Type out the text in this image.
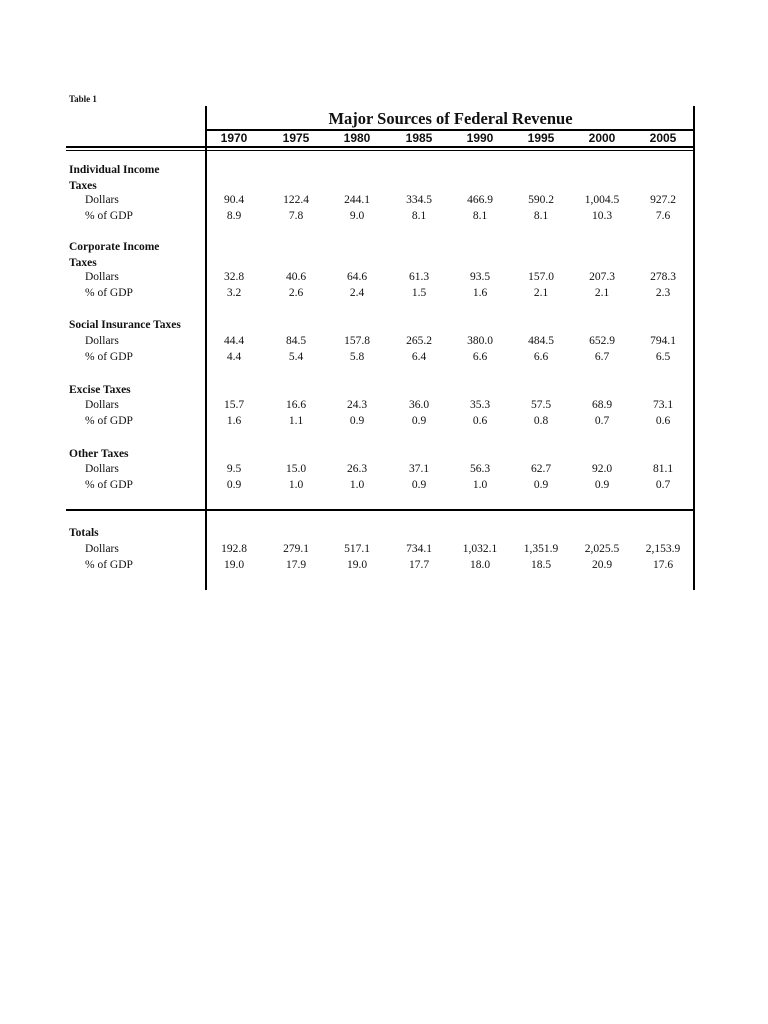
Table 1
Major Sources of Federal Revenue
1970	1975	1980	1985	1990	1995	2000	2005
Individual Income
Taxes
Dollars	90.4	122.4	244.1	334.5	466.9	590.2	1,004.5	927.2
% of GDP	8.9	7.8	9.0	8.1	8.1	8.1	10.3	7.6
Corporate Income
Taxes
Dollars	32.8	40.6	64.6	61.3	93.5	157.0	207.3	278.3
% of GDP	3.2	2.6	2.4	1.5	1.6	2.1	2.1	2.3
Social Insurance Taxes
Dollars	44.4	84.5	157.8	265.2	380.0	484.5	652.9	794.1
% of GDP	4.4	5.4	5.8	6.4	6.6	6.6	6.7	6.5
Excise Taxes
Dollars	15.7	16.6	24.3	36.0	35.3	57.5	68.9	73.1
% of GDP	1.6	1.1	0.9	0.9	0.6	0.8	0.7	0.6
Other Taxes
Dollars	9.5	15.0	26.3	37.1	56.3	62.7	92.0	81.1
% of GDP	0.9	1.0	1.0	0.9	1.0	0.9	0.9	0.7
Totals
Dollars	192.8	279.1	517.1	734.1	1,032.1	1,351.9	2,025.5	2,153.9
% of GDP	19.0	17.9	19.0	17.7	18.0	18.5	20.9	17.6
